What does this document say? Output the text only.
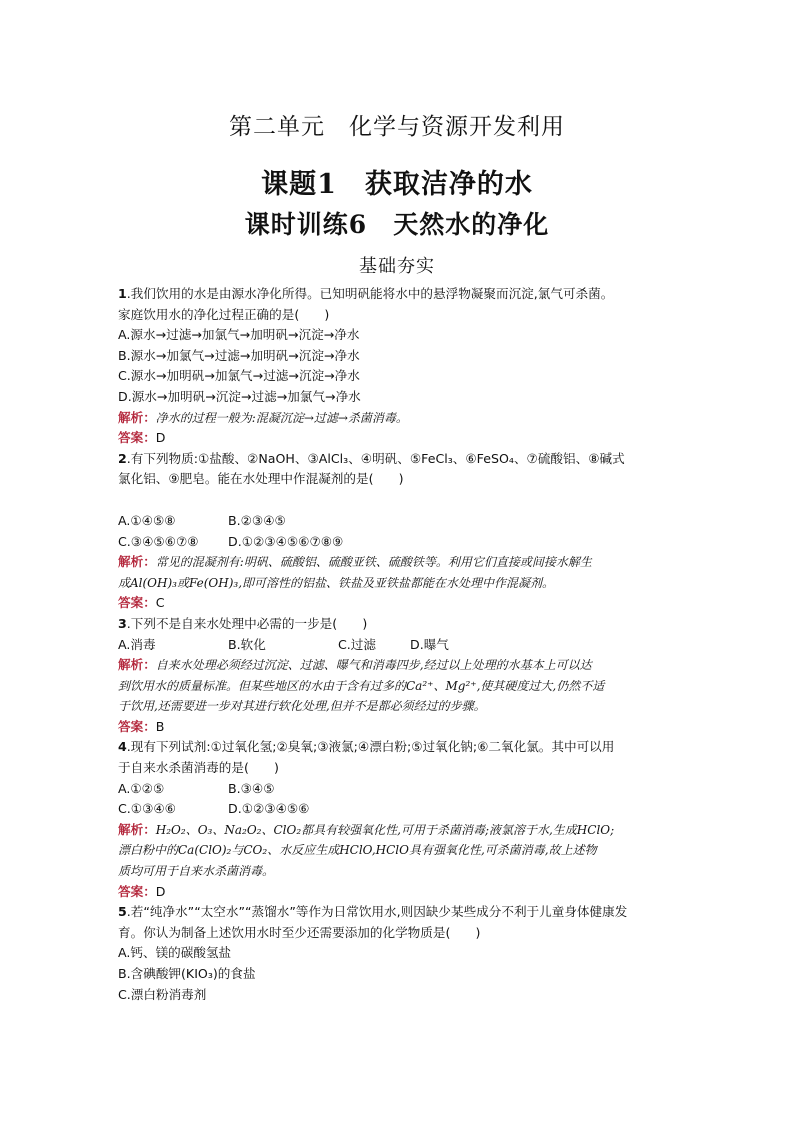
第二单元　化学与资源开发利用
课题1　获取洁净的水
课时训练6　天然水的净化
基础夯实
1.我们饮用的水是由源水净化所得。已知明矾能将水中的悬浮物凝聚而沉淀,氯气可杀菌。
家庭饮用水的净化过程正确的是(　　)
A.源水→过滤→加氯气→加明矾→沉淀→净水
B.源水→加氯气→过滤→加明矾→沉淀→净水
C.源水→加明矾→加氯气→过滤→沉淀→净水
D.源水→加明矾→沉淀→过滤→加氯气→净水
解析：净水的过程一般为:混凝沉淀→过滤→杀菌消毒。
答案：D
2.有下列物质:①盐酸、②NaOH、③AlCl₃、④明矾、⑤FeCl₃、⑥FeSO₄、⑦硫酸铝、⑧碱式
氯化铝、⑨肥皂。能在水处理中作混凝剂的是(　　)
A.①④⑤⑧	B.②③④⑤
C.③④⑤⑥⑦⑧ D.①②③④⑤⑥⑦⑧⑨
解析：常见的混凝剂有:明矾、硫酸铝、硫酸亚铁、硫酸铁等。利用它们直接或间接水解生
成Al(OH)₃或Fe(OH)₃,即可溶性的铝盐、铁盐及亚铁盐都能在水处理中作混凝剂。
答案：C
3.下列不是自来水处理中必需的一步是(　　)
A.消毒	B.软化	C.过滤	D.曝气
解析：自来水处理必须经过沉淀、过滤、曝气和消毒四步,经过以上处理的水基本上可以达
到饮用水的质量标准。但某些地区的水由于含有过多的Ca²⁺、Mg²⁺,使其硬度过大,仍然不适
于饮用,还需要进一步对其进行软化处理,但并不是都必须经过的步骤。
答案：B
4.现有下列试剂:①过氧化氢;②臭氧;③液氯;④漂白粉;⑤过氧化钠;⑥二氧化氯。其中可以用
于自来水杀菌消毒的是(　　)
A.①②⑤	B.③④⑤
C.①③④⑥	D.①②③④⑤⑥
解析：H₂O₂、O₃、Na₂O₂、ClO₂都具有较强氧化性,可用于杀菌消毒;液氯溶于水,生成HClO;
漂白粉中的Ca(ClO)₂与CO₂、水反应生成HClO,HClO具有强氧化性,可杀菌消毒,故上述物
质均可用于自来水杀菌消毒。
答案：D
5.若“纯净水”“太空水”“蒸馏水”等作为日常饮用水,则因缺少某些成分不利于儿童身体健康发
育。你认为制备上述饮用水时至少还需要添加的化学物质是(　　)
A.钙、镁的碳酸氢盐
B.含碘酸钾(KIO₃)的食盐
C.漂白粉消毒剂
